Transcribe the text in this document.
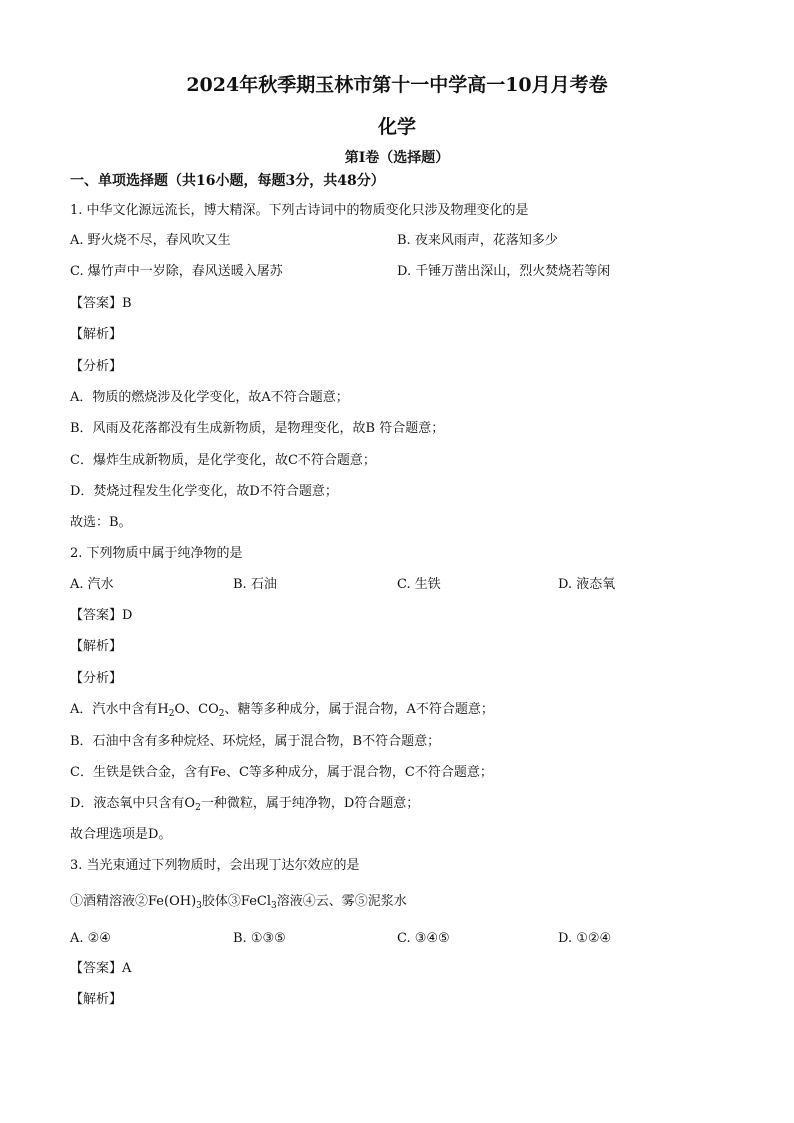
2024年秋季期玉林市第十一中学高一10月月考卷
化学
第Ⅰ卷（选择题）
一、单项选择题（共16小题，每题3分，共48分）
1. 中华文化源远流长，博大精深。下列古诗词中的物质变化只涉及物理变化的是
A. 野火烧不尽，春风吹又生	B. 夜来风雨声，花落知多少
C. 爆竹声中一岁除，春风送暖入屠苏	D. 千锤万凿出深山，烈火焚烧若等闲
【答案】B
【解析】
【分析】
A．物质的燃烧涉及化学变化，故A不符合题意；
B．风雨及花落都没有生成新物质，是物理变化，故B 符合题意；
C．爆炸生成新物质，是化学变化，故C不符合题意；
D．焚烧过程发生化学变化，故D不符合题意；
故选：B。
2. 下列物质中属于纯净物的是
A. 汽水	B. 石油	C. 生铁	D. 液态氧
【答案】D
【解析】
【分析】
A．汽水中含有$H_2O$、$CO_2$、糖等多种成分，属于混合物，A不符合题意；
B．石油中含有多种烷烃、环烷烃，属于混合物，B不符合题意；
C．生铁是铁合金，含有Fe、C等多种成分，属于混合物，C不符合题意；
D．液态氧中只含有$O_2$一种微粒，属于纯净物，D符合题意；
故合理选项是D。
3. 当光束通过下列物质时，会出现丁达尔效应的是
①酒精溶液$②Fe(OH)_3$胶体③FeCl$_3$溶液④云、雾⑤泥浆水
A. ②④	B. ①③⑤	C. ③④⑤	D. ①②④
【答案】A
【解析】
